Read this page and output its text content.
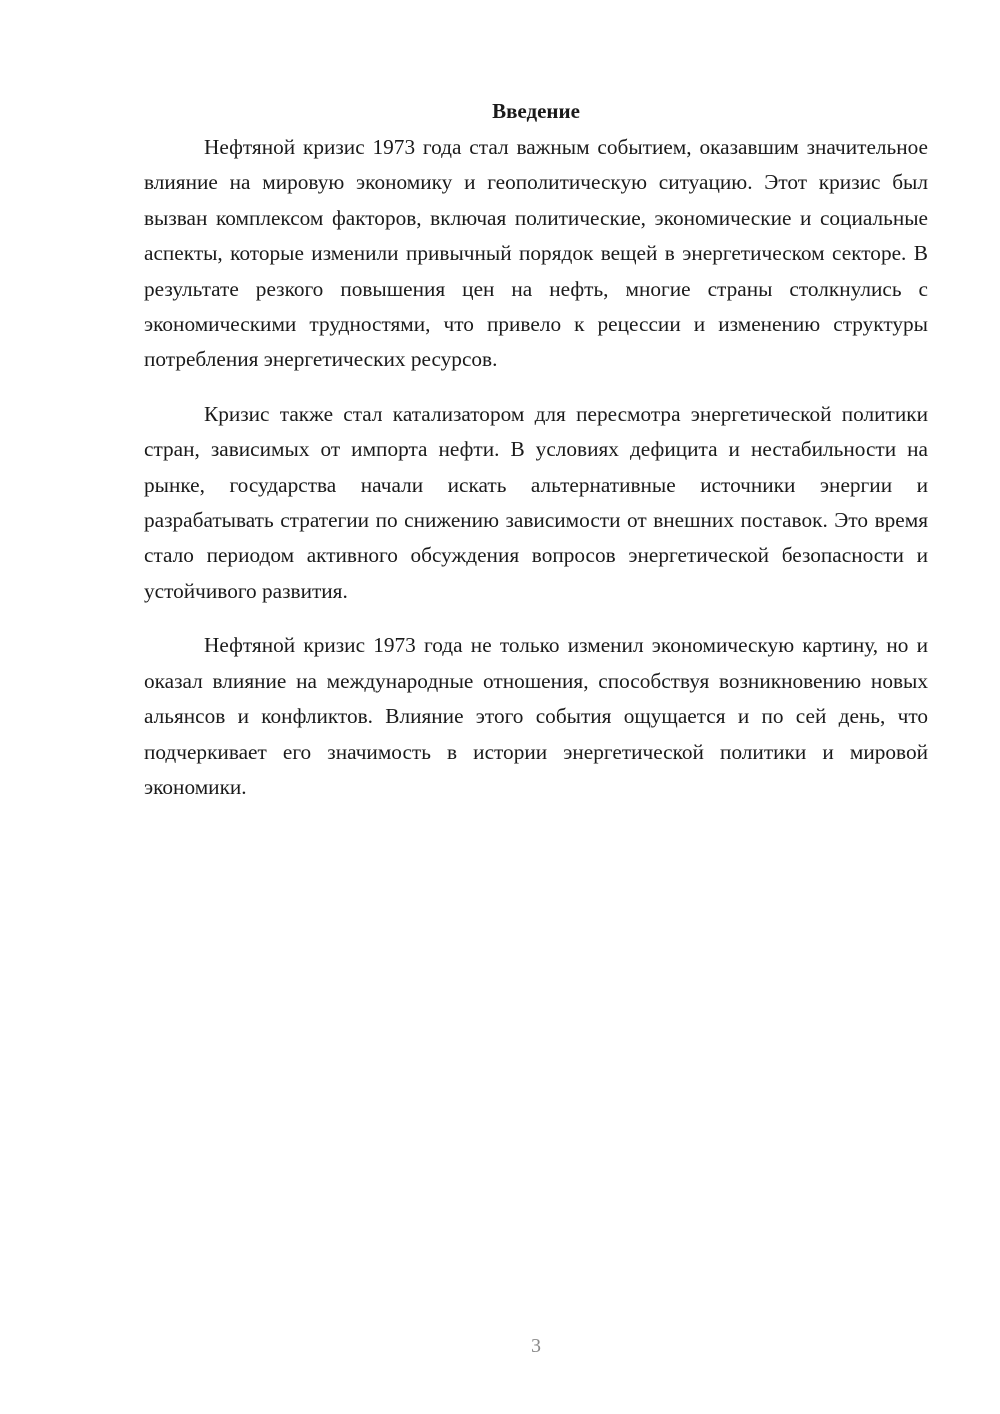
Введение

Нефтяной кризис 1973 года стал важным событием, оказавшим значительное влияние на мировую экономику и геополитическую ситуацию. Этот кризис был вызван комплексом факторов, включая политические, экономические и социальные аспекты, которые изменили привычный порядок вещей в энергетическом секторе. В результате резкого повышения цен на нефть, многие страны столкнулись с экономическими трудностями, что привело к рецессии и изменению структуры потребления энергетических ресурсов.

Кризис также стал катализатором для пересмотра энергетической политики стран, зависимых от импорта нефти. В условиях дефицита и нестабильности на рынке, государства начали искать альтернативные источники энергии и разрабатывать стратегии по снижению зависимости от внешних поставок. Это время стало периодом активного обсуждения вопросов энергетической безопасности и устойчивого развития.

Нефтяной кризис 1973 года не только изменил экономическую картину, но и оказал влияние на международные отношения, способствуя возникновению новых альянсов и конфликтов. Влияние этого события ощущается и по сей день, что подчеркивает его значимость в истории энергетической политики и мировой экономики.

3
